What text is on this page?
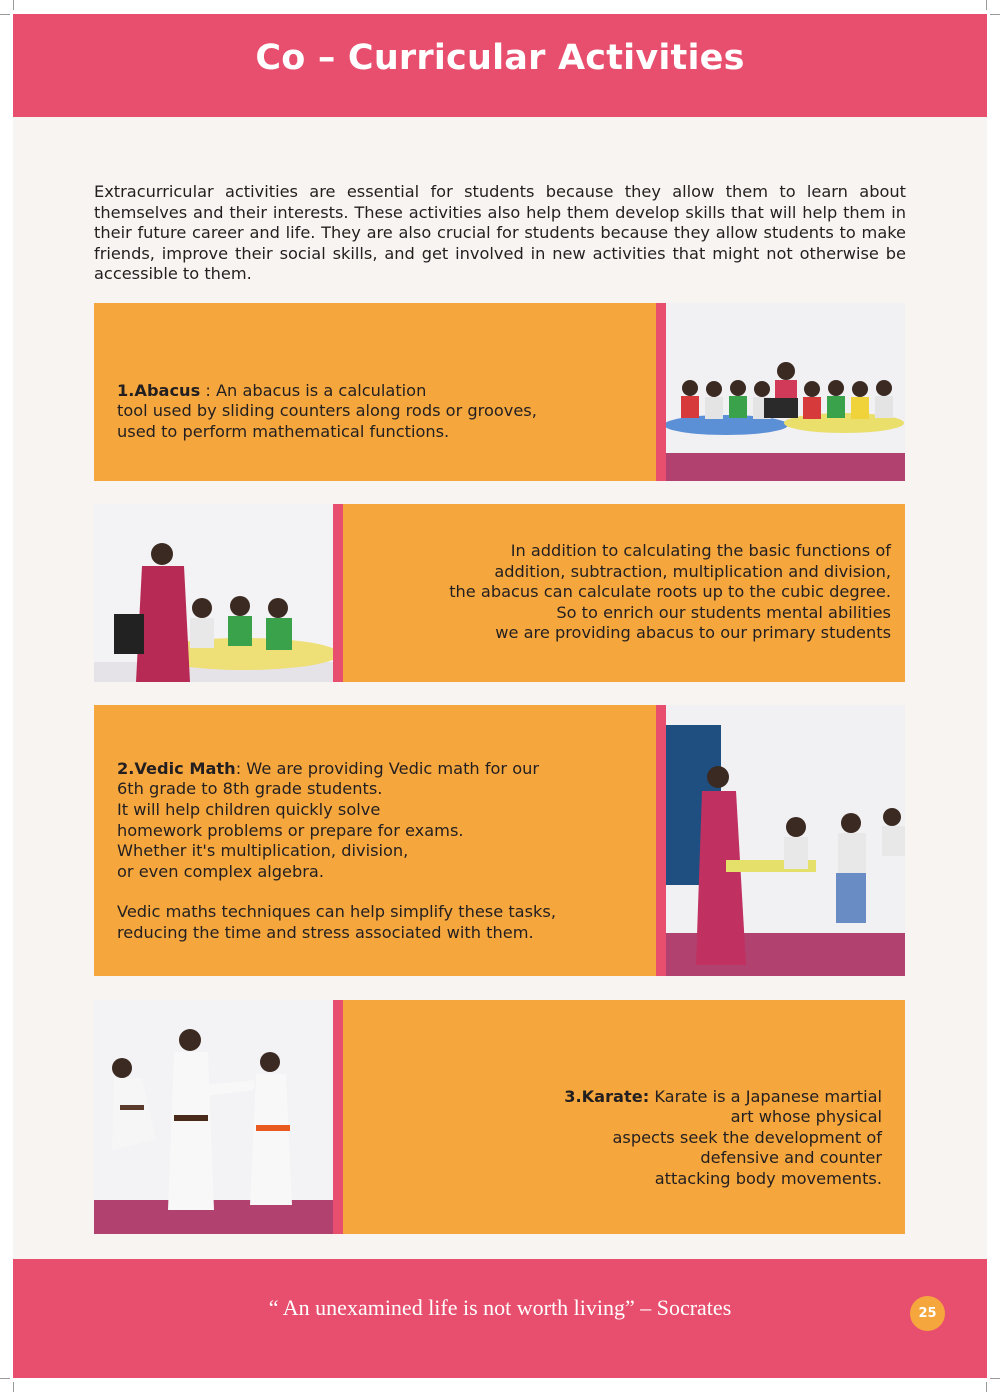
Co – Curricular Activities

Extracurricular activities are essential for students because they allow them to learn about themselves and their interests. These activities also help them develop skills that will help them in their future career and life. They are also crucial for students because they allow students to make friends, improve their social skills, and get involved in new activities that might not otherwise be accessible to them.

1.Abacus : An abacus is a calculation
tool used by sliding counters along rods or grooves,
used to perform mathematical functions.

In addition to calculating the basic functions of
addition, subtraction, multiplication and division,
the abacus can calculate roots up to the cubic degree.
So to enrich our students mental abilities
we are providing abacus to our primary students

2.Vedic Math: We are providing Vedic math for our
6th grade to 8th grade students.

It will help children quickly solve
homework problems or prepare for exams.
Whether it's multiplication, division,
or even complex algebra.
Vedic maths techniques can help simplify these tasks,
reducing the time and stress associated with them.

3.Karate: Karate is a Japanese martial
art whose physical
aspects seek the development of
defensive and counter
attacking body movements.

“ An unexamined life is not worth living” – Socrates	25
